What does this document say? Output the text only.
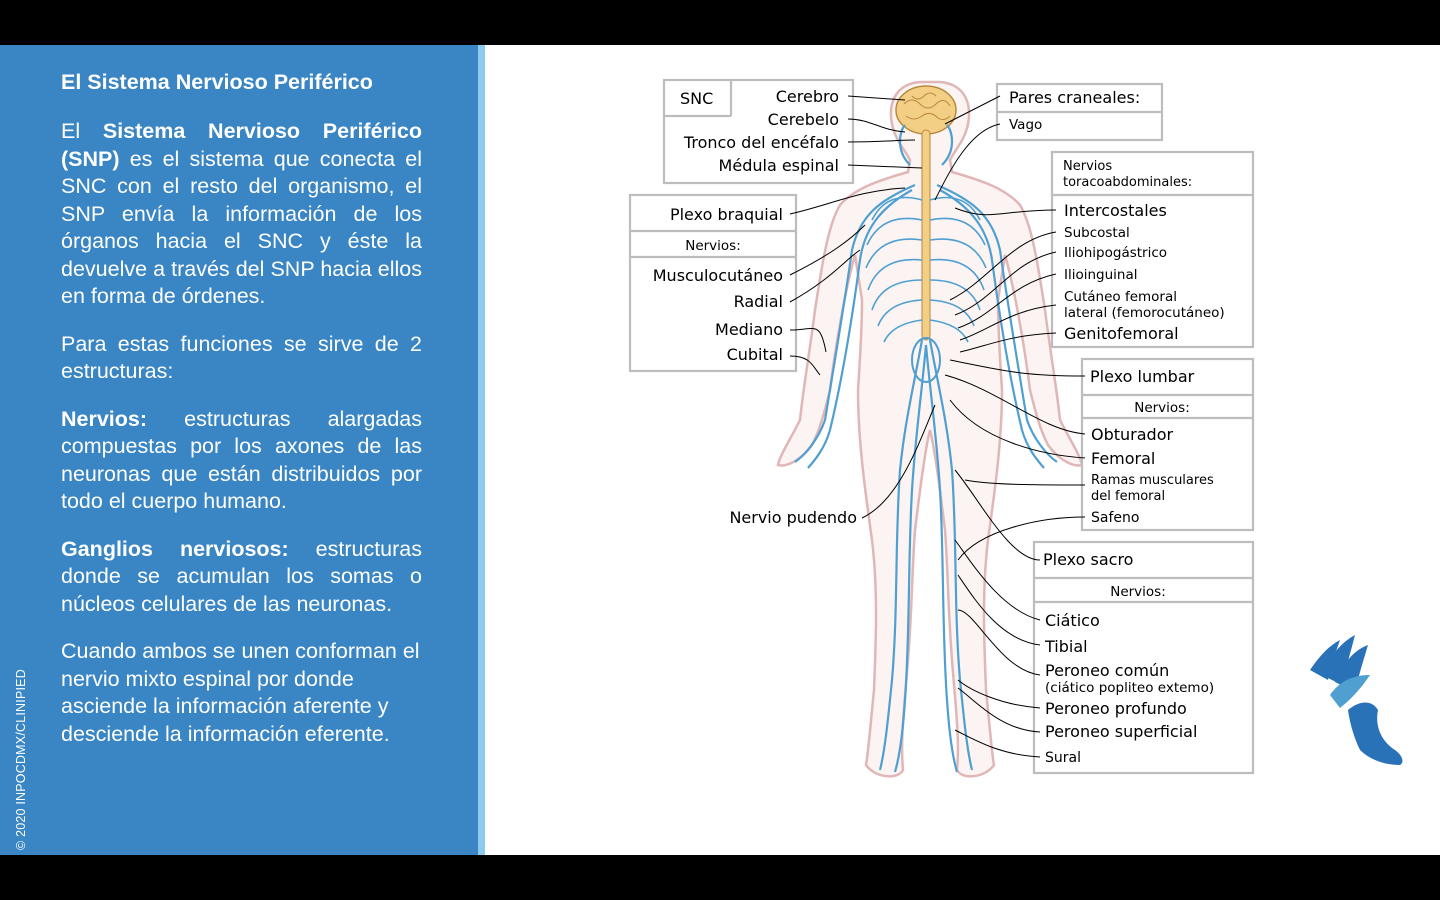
El Sistema Nervioso Periférico

El Sistema Nervioso Periférico (SNP) es el sistema que conecta el SNC con el resto del organismo, el SNP envía la información de los órganos hacia el SNC y éste la devuelve a través del SNP hacia ellos en forma de órdenes.

Para estas funciones se sirve de 2 estructuras:

Nervios: estructuras alargadas compuestas por los axones de las neuronas que están distribuidos por todo el cuerpo humano.

Ganglios nerviosos: estructuras donde se acumulan los somas o núcleos celulares de las neuronas.

Cuando ambos se unen conforman el nervio mixto espinal por donde asciende la información aferente y desciende la información eferente.

© 2020 INPOCDMX/CLINIPIED
SNC	Cerebro
Cerebelo
Tronco del encéfalo
Médula espinal
Pares craneales:
Vago
Nervios
toracoabdominales:
Intercostales
Subcostal
Iliohipogástrico
Ilioinguinal
Cutáneo femoral
lateral (femorocutáneo)
Genitofemoral
Plexo braquial
Nervios:
Musculocutáneo
Radial
Mediano
Cubital
Plexo lumbar
Nervios:
Obturador
Femoral
Ramas musculares
del femoral
Safeno
Nervio pudendo
Plexo sacro
Nervios:
Ciático
Tibial
Peroneo común
(ciático popliteo extemo)
Peroneo profundo
Peroneo superficial
Sural
